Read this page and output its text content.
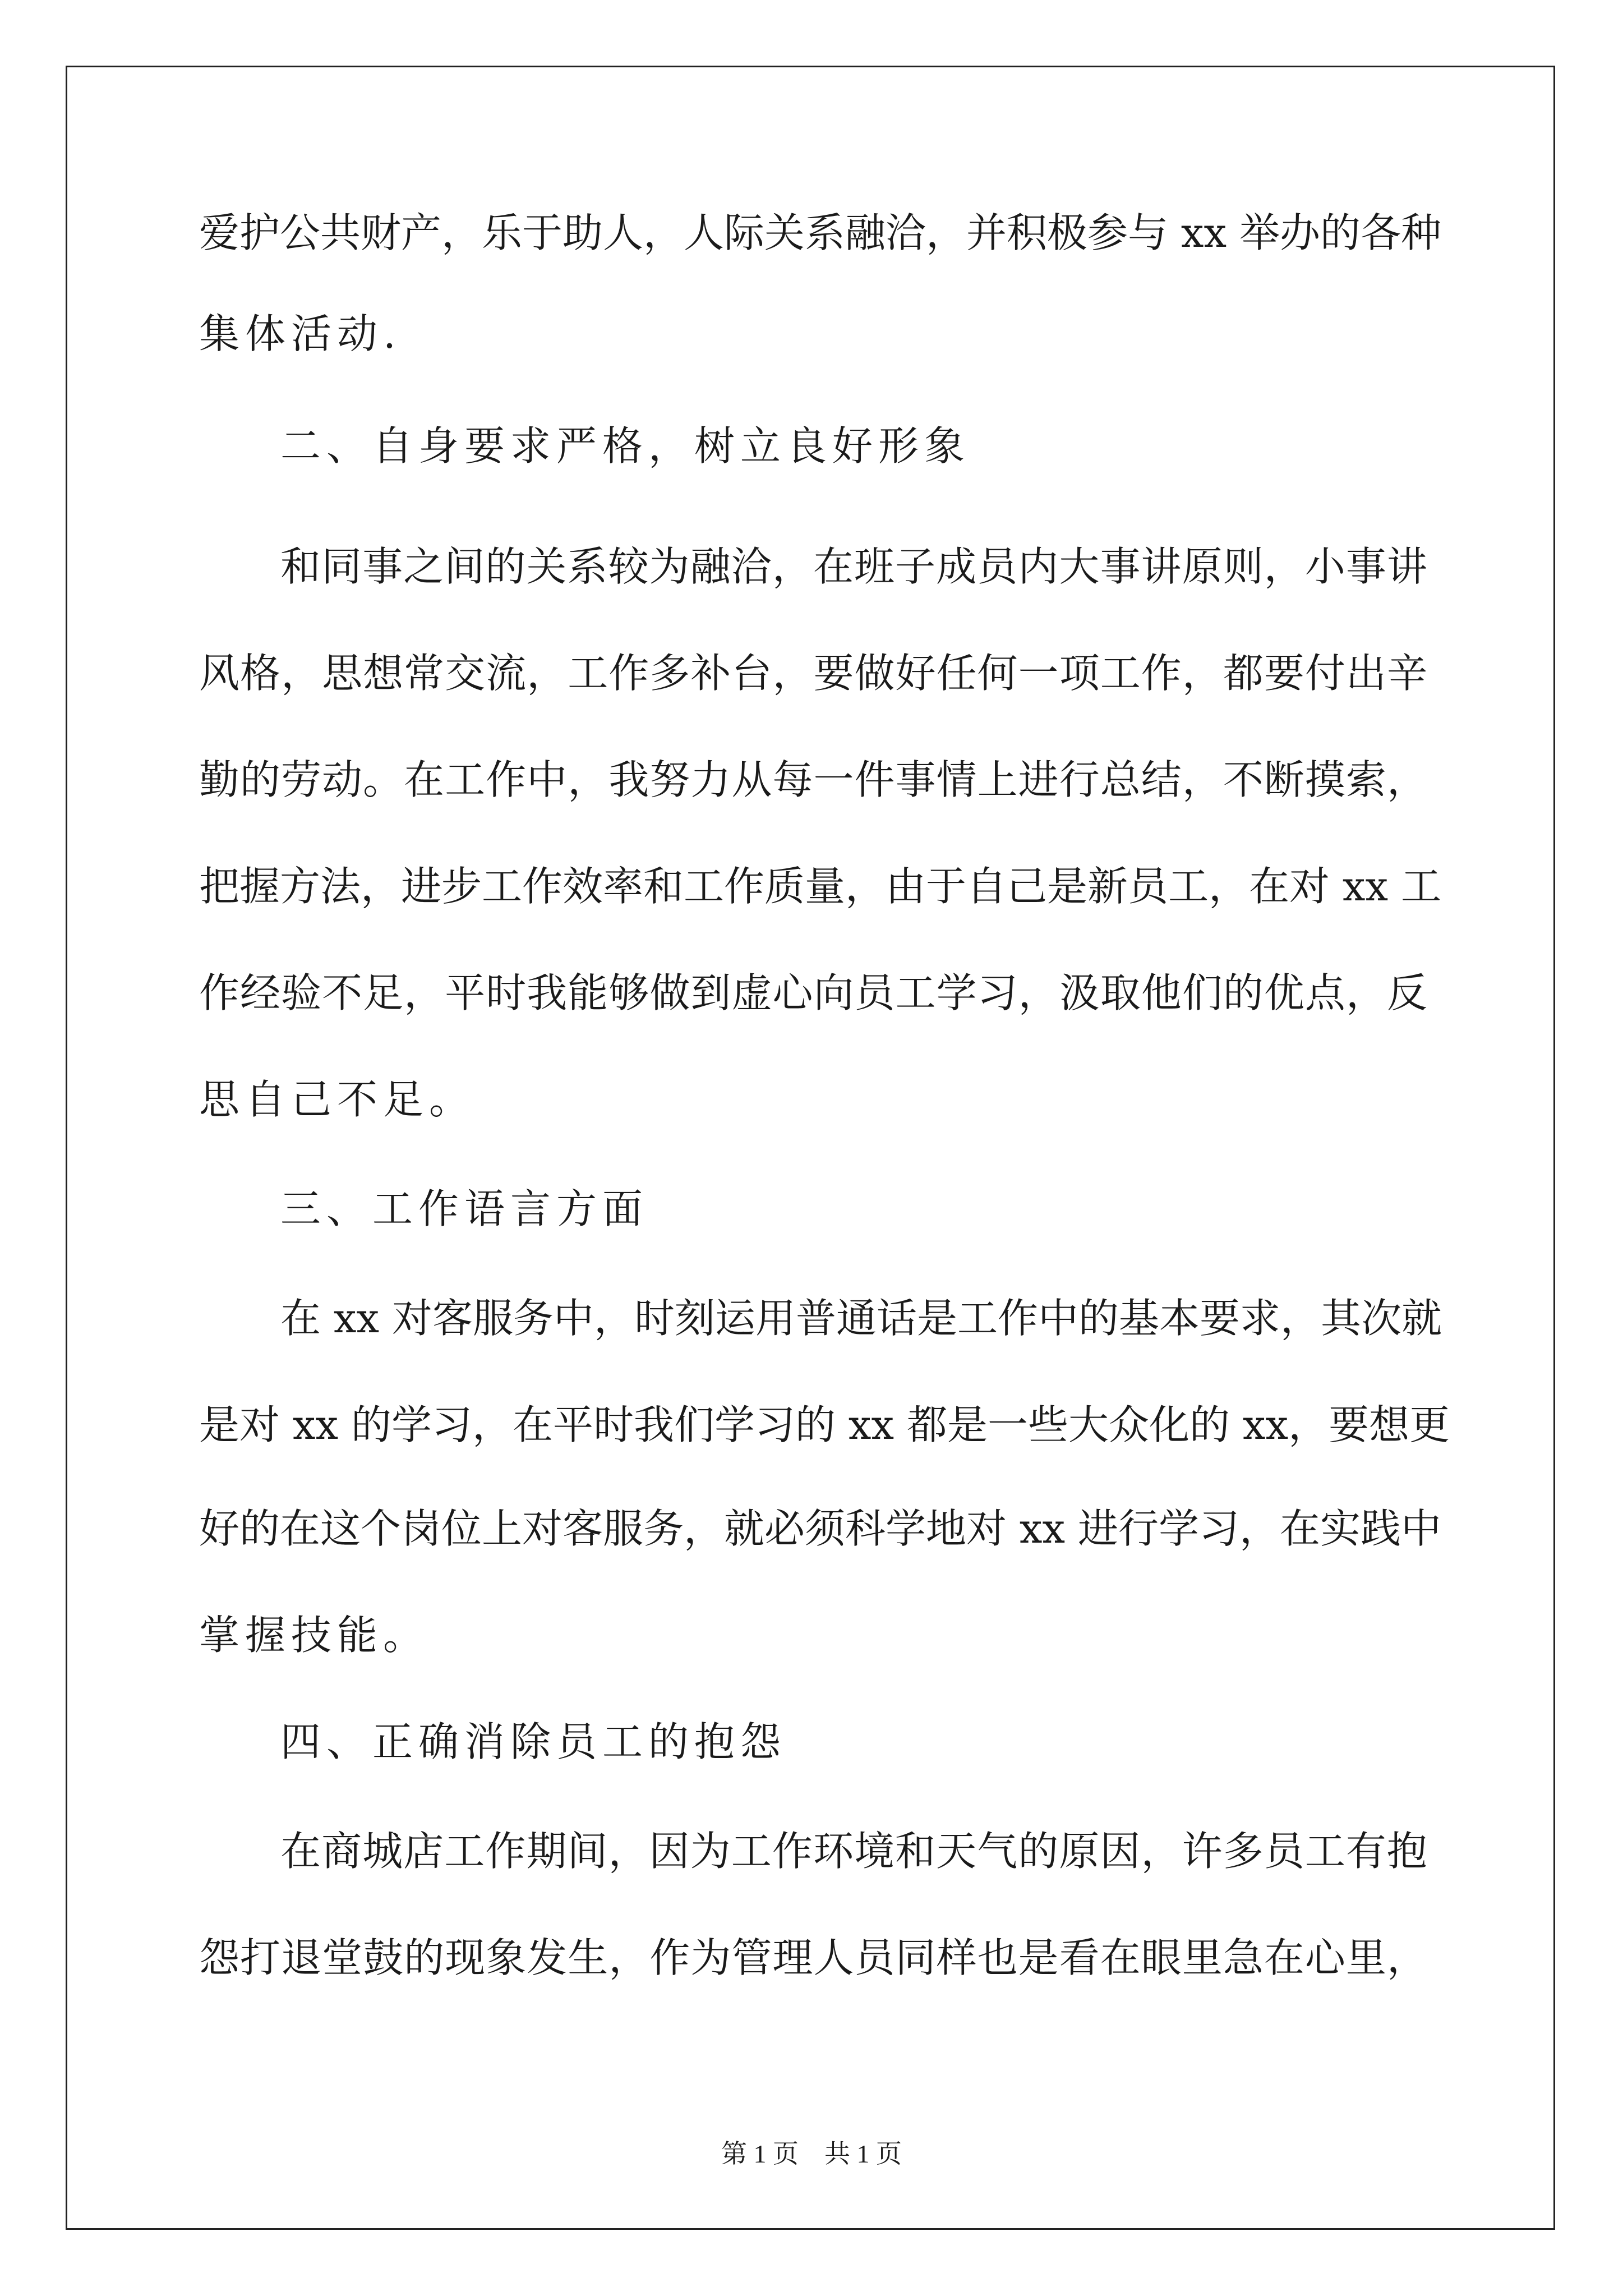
爱护公共财产，乐于助人，人际关系融洽，并积极参与 xx 举办的各种
集体活动.
二、自身要求严格，树立良好形象
和同事之间的关系较为融洽，在班子成员内大事讲原则，小事讲
风格，思想常交流，工作多补台，要做好任何一项工作，都要付出辛
勤的劳动。在工作中，我努力从每一件事情上进行总结，不断摸索，
把握方法，进步工作效率和工作质量，由于自己是新员工，在对 xx 工
作经验不足，平时我能够做到虚心向员工学习，汲取他们的优点，反
思自己不足。
三、工作语言方面
在 xx 对客服务中，时刻运用普通话是工作中的基本要求，其次就
是对 xx 的学习，在平时我们学习的 xx 都是一些大众化的 xx，要想更
好的在这个岗位上对客服务，就必须科学地对 xx 进行学习，在实践中
掌握技能。
四、正确消除员工的抱怨
在商城店工作期间，因为工作环境和天气的原因，许多员工有抱
怨打退堂鼓的现象发生，作为管理人员同样也是看在眼里急在心里，
第 1 页　共 1 页
